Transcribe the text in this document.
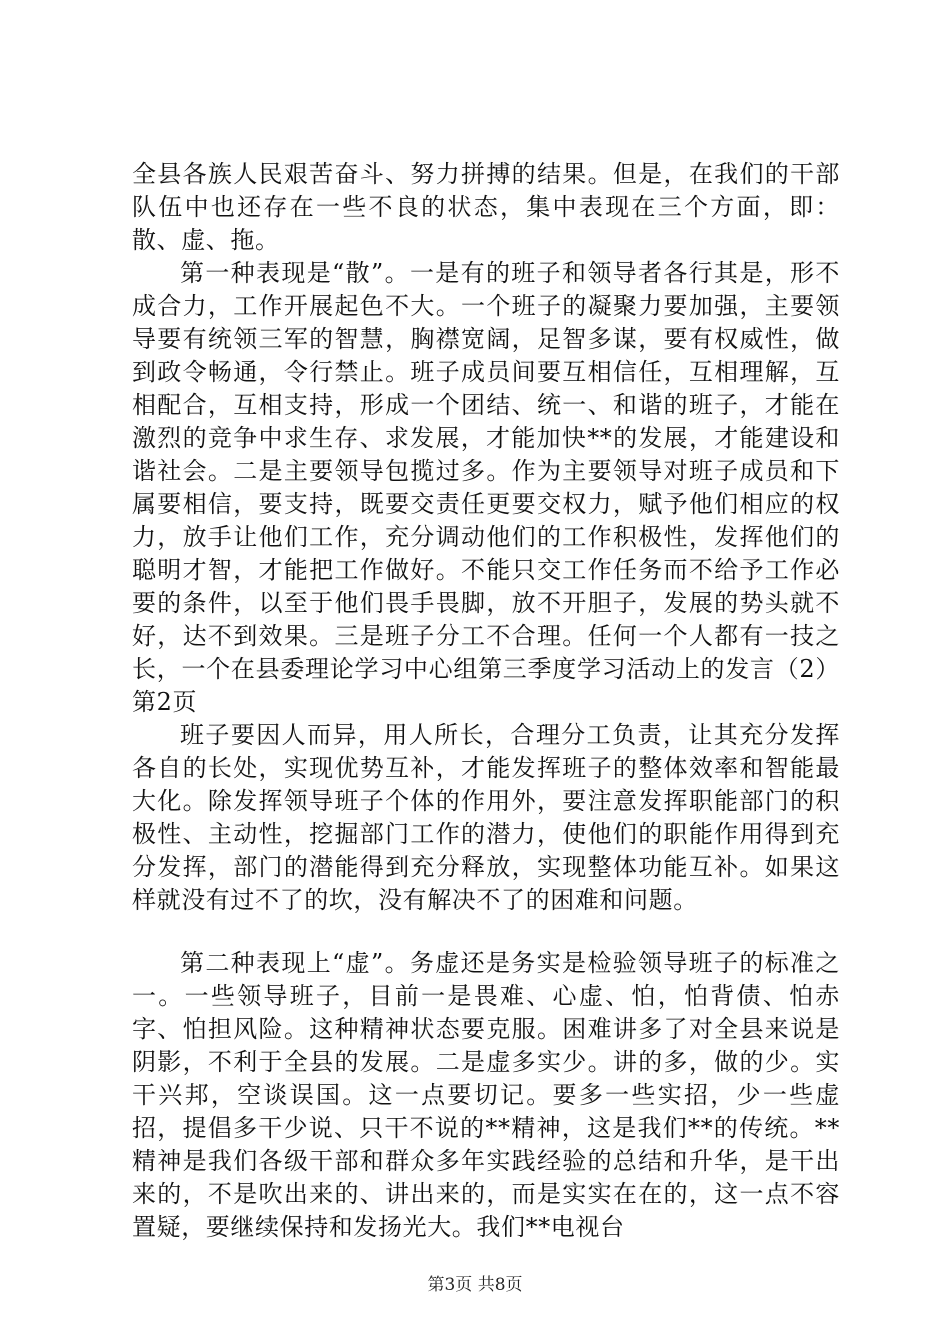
全县各族人民艰苦奋斗、努力拼搏的结果。但是，在我们的干部队伍中也还存在一些不良的状态，集中表现在三个方面，即：散、虚、拖。

第一种表现是“散”。一是有的班子和领导者各行其是，形不成合力，工作开展起色不大。一个班子的凝聚力要加强，主要领导要有统领三军的智慧，胸襟宽阔，足智多谋，要有权威性，做到政令畅通，令行禁止。班子成员间要互相信任，互相理解，互相配合，互相支持，形成一个团结、统一、和谐的班子，才能在激烈的竞争中求生存、求发展，才能加快**的发展，才能建设和谐社会。二是主要领导包揽过多。作为主要领导对班子成员和下属要相信，要支持，既要交责任更要交权力，赋予他们相应的权力，放手让他们工作，充分调动他们的工作积极性，发挥他们的聪明才智，才能把工作做好。不能只交工作任务而不给予工作必要的条件，以至于他们畏手畏脚，放不开胆子，发展的势头就不好，达不到效果。三是班子分工不合理。任何一个人都有一技之长，一个在县委理论学习中心组第三季度学习活动上的发言（2）第2页

班子要因人而异，用人所长，合理分工负责，让其充分发挥各自的长处，实现优势互补，才能发挥班子的整体效率和智能最大化。除发挥领导班子个体的作用外，要注意发挥职能部门的积极性、主动性，挖掘部门工作的潜力，使他们的职能作用得到充分发挥，部门的潜能得到充分释放，实现整体功能互补。如果这样就没有过不了的坎，没有解决不了的困难和问题。

第二种表现上“虚”。务虚还是务实是检验领导班子的标准之一。一些领导班子，目前一是畏难、心虚、怕，怕背债、怕赤字、怕担风险。这种精神状态要克服。困难讲多了对全县来说是阴影，不利于全县的发展。二是虚多实少。讲的多，做的少。实干兴邦，空谈误国。这一点要切记。要多一些实招，少一些虚招，提倡多干少说、只干不说的**精神，这是我们**的传统。**精神是我们各级干部和群众多年实践经验的总结和升华，是干出来的，不是吹出来的、讲出来的，而是实实在在的，这一点不容置疑，要继续保持和发扬光大。我们**电视台

第3页 共8页
